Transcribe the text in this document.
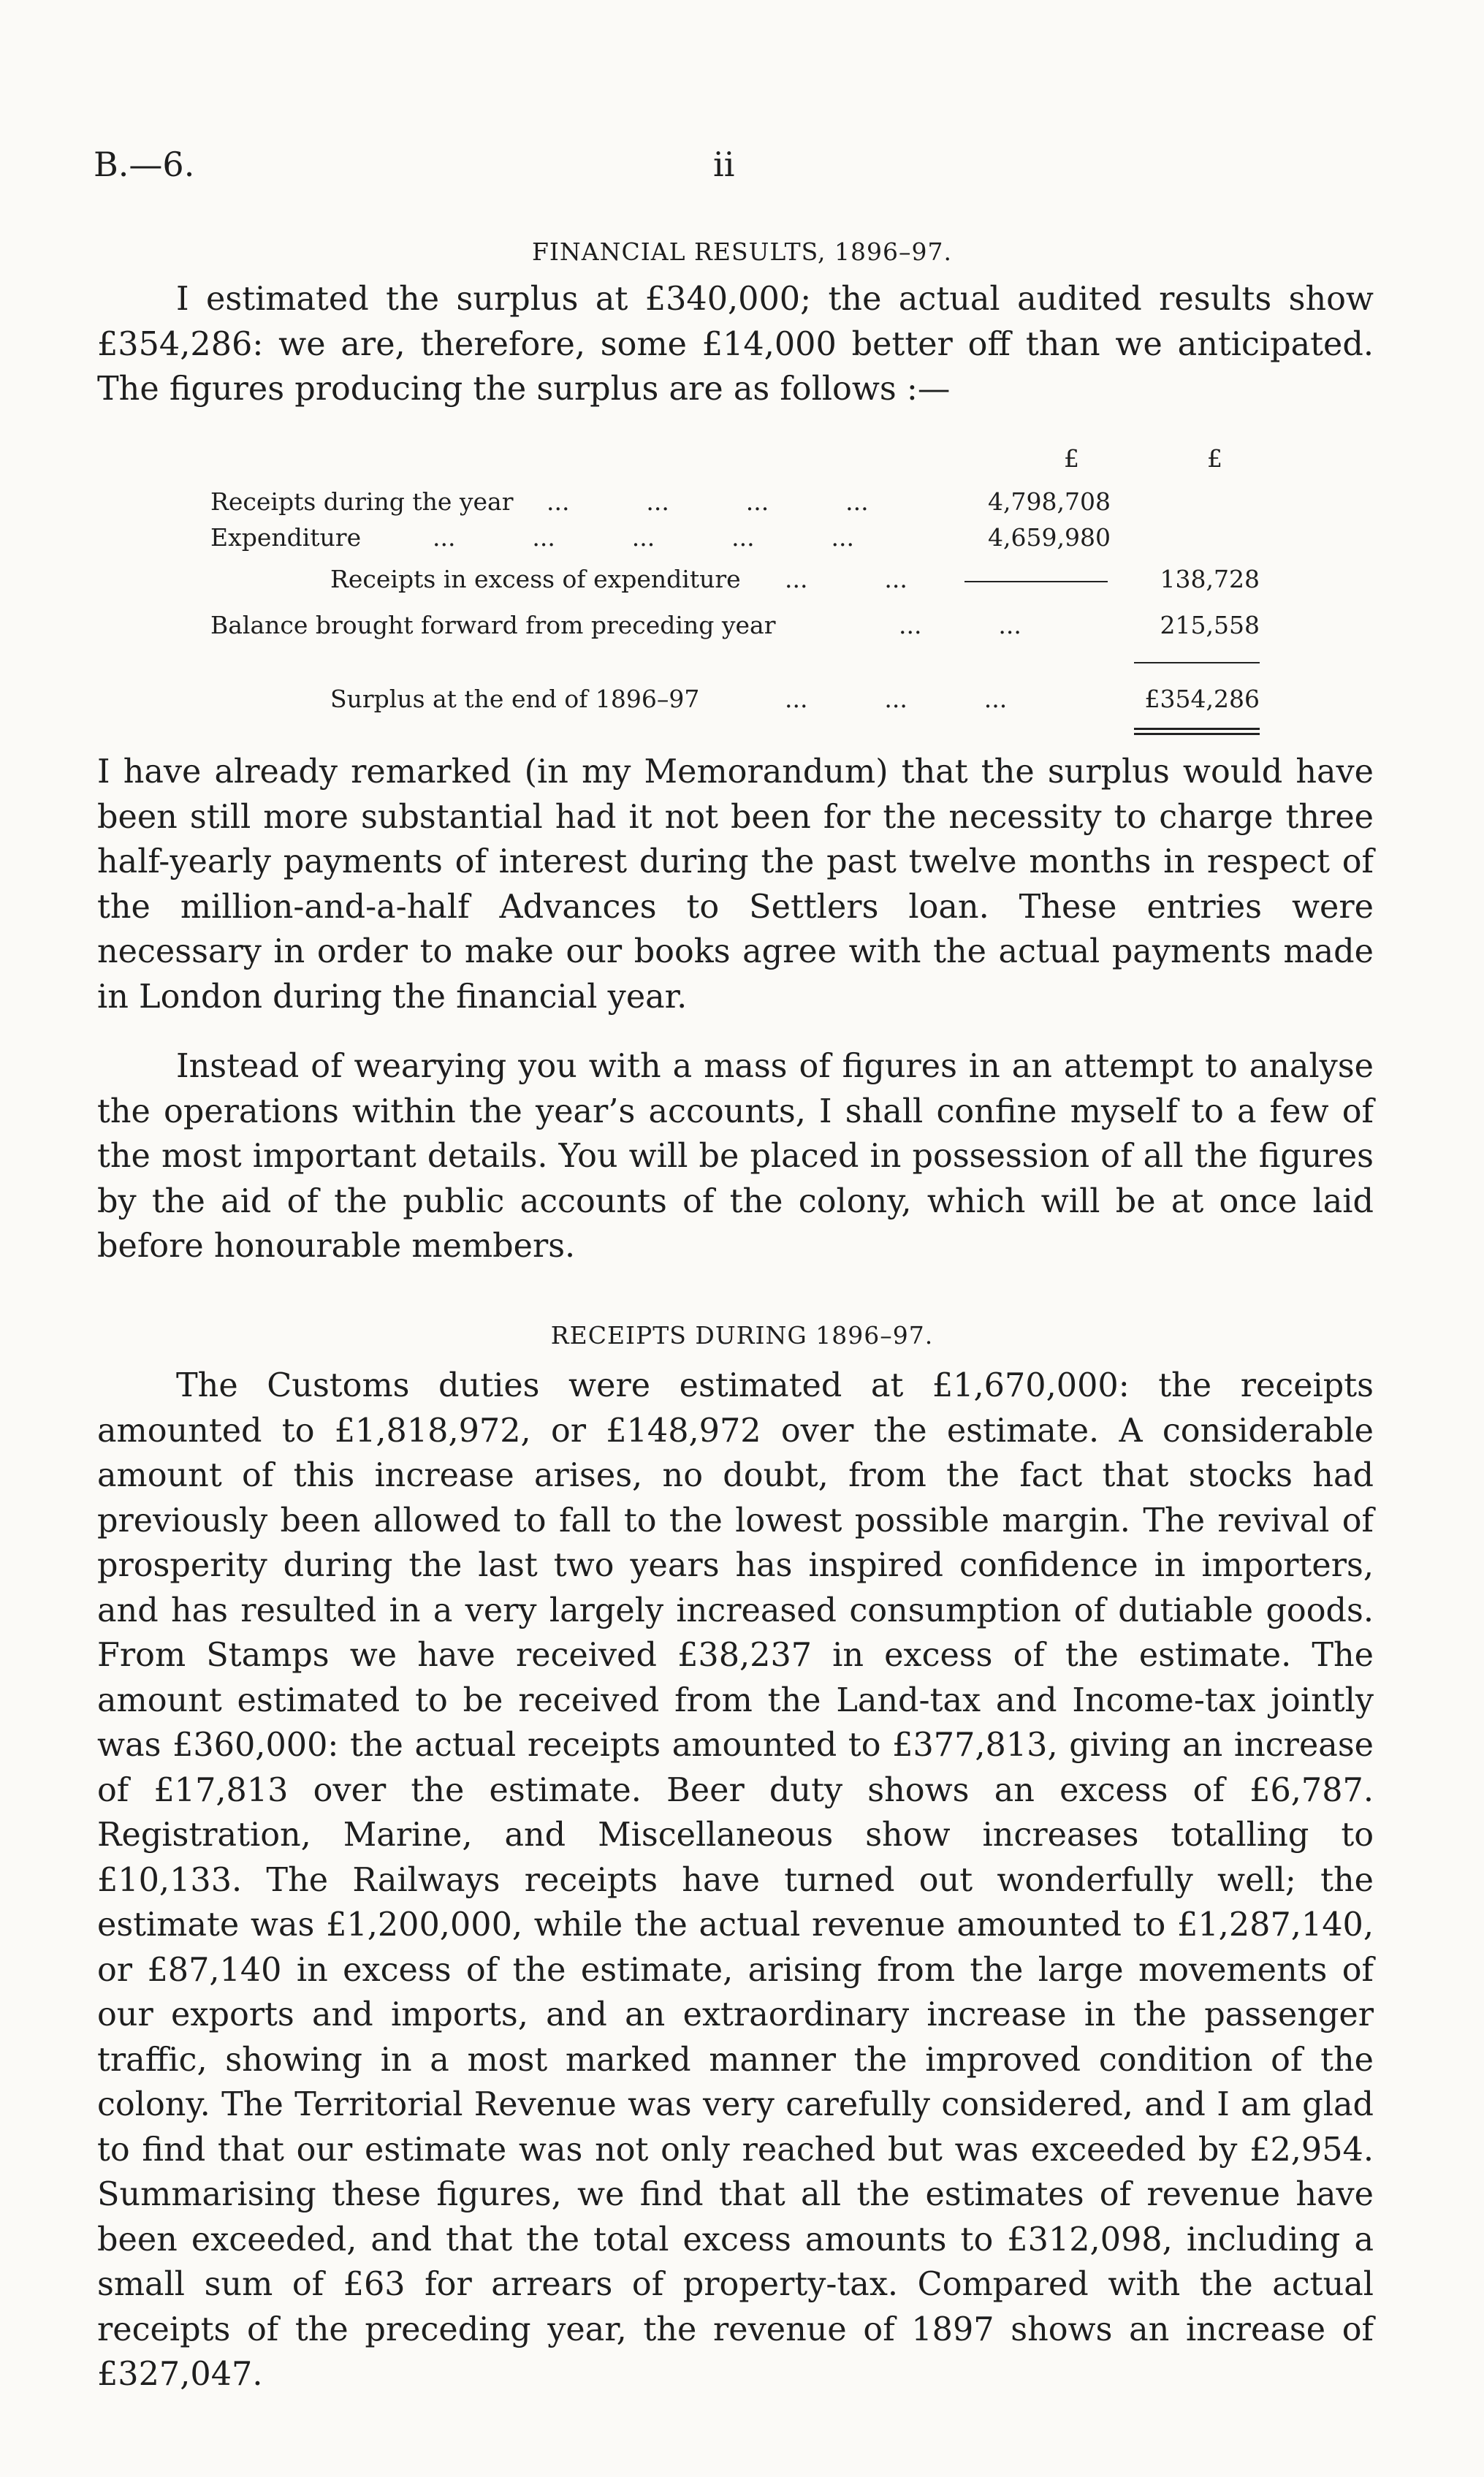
B.—6.	ii
FINANCIAL RESULTS, 1896–97.

I estimated the surplus at £340,000; the actual audited results show £354,286: we are, therefore, some £14,000 better off than we anticipated. The figures producing the surplus are as follows :—

£	£
Receipts during the year ...          ...          ...          ...	4,798,708
Expenditure	...          ...          ...          ...          ...	4,659,980
Receipts in excess of expenditure ...          ...	138,728
Balance brought forward from preceding year	...          ...	215,558
Surplus at the end of 1896–97	...          ...          ...	£354,286

I have already remarked (in my Memorandum) that the surplus would have been still more substantial had it not been for the necessity to charge three half-yearly payments of interest during the past twelve months in respect of the million-and-a-half Advances to Settlers loan. These entries were necessary in order to make our books agree with the actual payments made in London during the financial year.

Instead of wearying you with a mass of figures in an attempt to analyse the operations within the year’s accounts, I shall confine myself to a few of the most important details. You will be placed in possession of all the figures by the aid of the public accounts of the colony, which will be at once laid before honourable members.

RECEIPTS DURING 1896–97.

The Customs duties were estimated at £1,670,000: the receipts amounted to £1,818,972, or £148,972 over the estimate. A considerable amount of this increase arises, no doubt, from the fact that stocks had previously been allowed to fall to the lowest possible margin. The revival of prosperity during the last two years has inspired confidence in importers, and has resulted in a very largely increased consumption of dutiable goods. From Stamps we have received £38,237 in excess of the estimate. The amount estimated to be received from the Land-tax and Income-tax jointly was £360,000: the actual receipts amounted to £377,813, giving an increase of £17,813 over the estimate. Beer duty shows an excess of £6,787. Registration, Marine, and Miscellaneous show increases totalling to £10,133. The Railways receipts have turned out wonderfully well; the estimate was £1,200,000, while the actual revenue amounted to £1,287,140, or £87,140 in excess of the estimate, arising from the large movements of our exports and imports, and an extraordinary increase in the passenger traffic, showing in a most marked manner the improved condition of the colony. The Territorial Revenue was very carefully considered, and I am glad to find that our estimate was not only reached but was exceeded by £2,954. Summarising these figures, we find that all the estimates of revenue have been exceeded, and that the total excess amounts to £312,098, including a small sum of £63 for arrears of property-tax. Compared with the actual receipts of the preceding year, the revenue of 1897 shows an increase of £327,047.
